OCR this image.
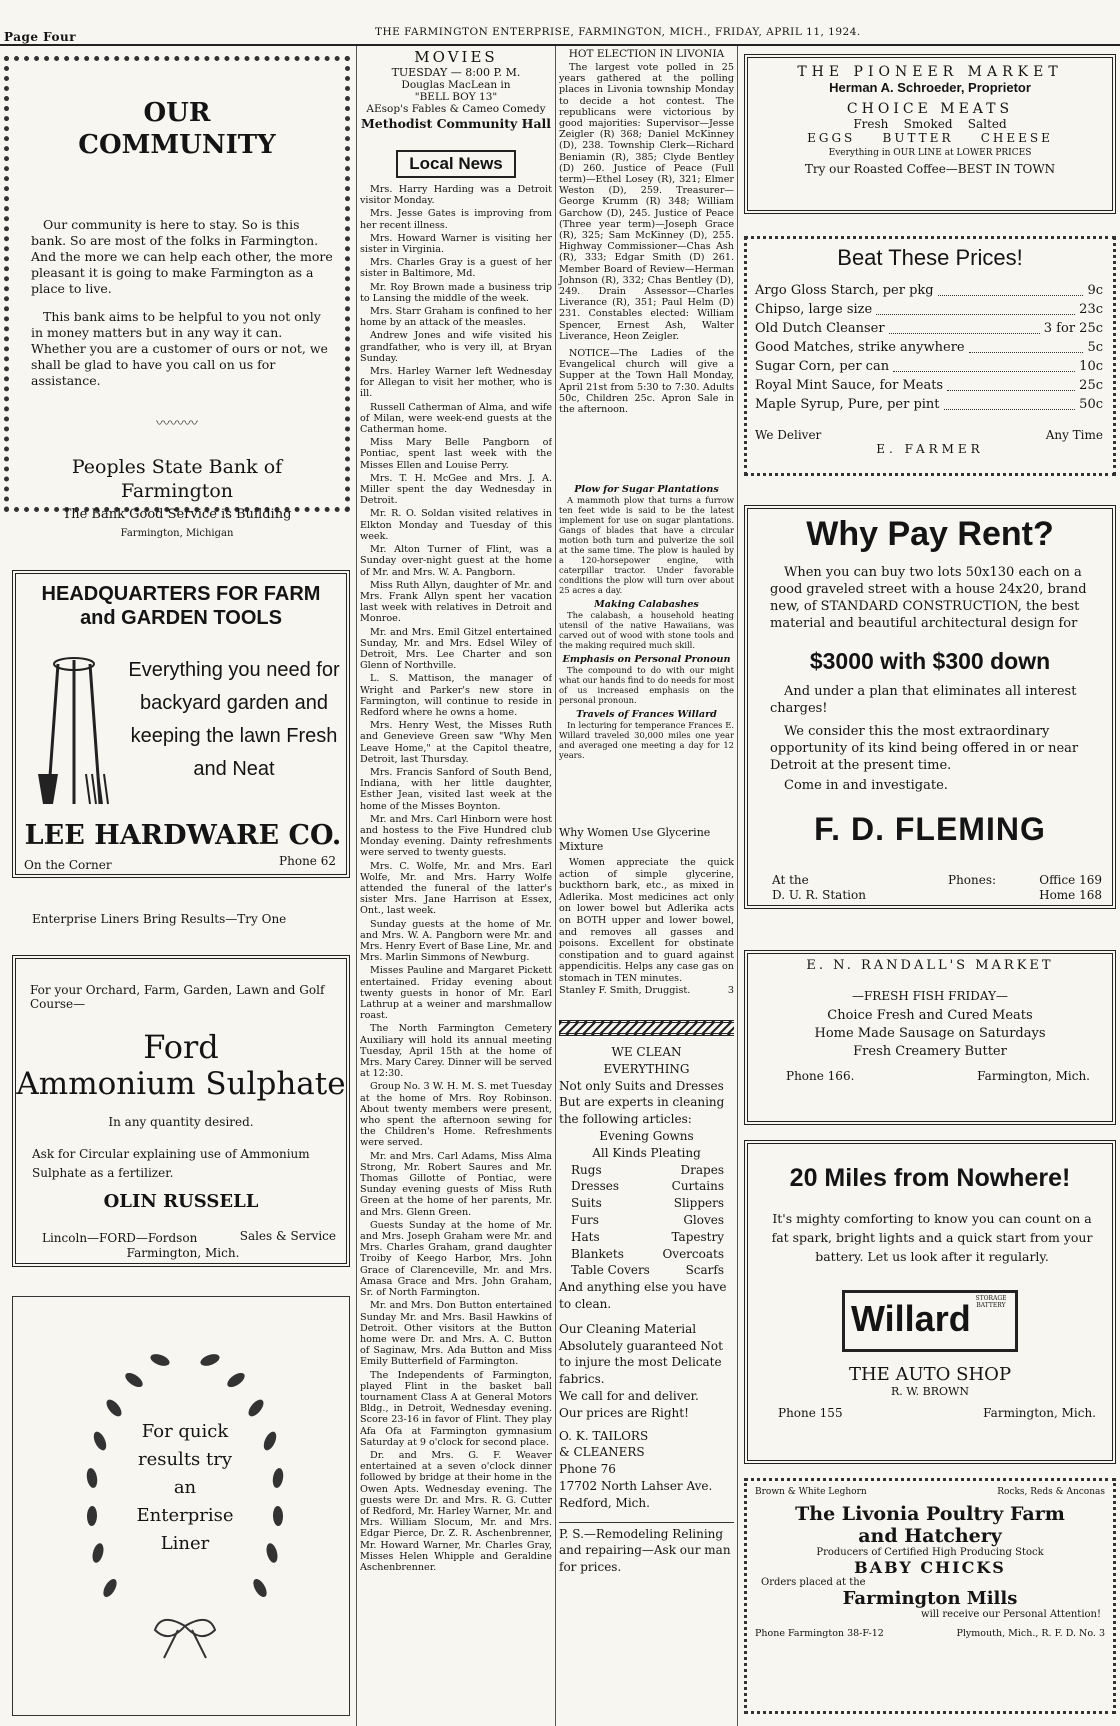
Page Four	THE FARMINGTON ENTERPRISE, FARMINGTON, MICH., FRIDAY, APRIL 11, 1924.
OUR COMMUNITY

Our community is here to stay. So is this bank. So are most of the folks in Farmington. And the more we can help each other, the more pleasant it is going to make Farmington as a place to live.

This bank aims to be helpful to you not only in money matters but in any way it can. Whether you are a customer of ours or not, we shall be glad to have you call on us for assistance.

〰〰〰
Peoples State Bank of Farmington
The Bank Good Service is Building
Farmington, Michigan
HEADQUARTERS FOR FARM and GARDEN TOOLS
Everything you need for backyard garden and keeping the lawn Fresh and Neat
LEE HARDWARE CO.
On the Corner	Phone 62
Enterprise Liners Bring Results—Try One
For your Orchard, Farm, Garden, Lawn and Golf Course—
Ford
Ammonium Sulphate
In any quantity desired.
Ask for Circular explaining use of Ammonium Sulphate as a fertilizer.
OLIN RUSSELL
Lincoln—FORD—Fordson	Sales & Service
Farmington, Mich.
For quick
results try
an
Enterprise
Liner
MOVIES
TUESDAY — 8:00 P. M.
Douglas MacLean in
"BELL BOY 13"
AEsop's Fables & Cameo Comedy
Methodist Community Hall
Local News

Mrs. Harry Harding was a Detroit visitor Monday.

Mrs. Jesse Gates is improving from her recent illness.

Mrs. Howard Warner is visiting her sister in Virginia.

Mrs. Charles Gray is a guest of her sister in Baltimore, Md.

Mr. Roy Brown made a business trip to Lansing the middle of the week.

Mrs. Starr Graham is confined to her home by an attack of the measles.

Andrew Jones and wife visited his grandfather, who is very ill, at Bryan Sunday.

Mrs. Harley Warner left Wednesday for Allegan to visit her mother, who is ill.

Russell Catherman of Alma, and wife of Milan, were week-end guests at the Catherman home.

Miss Mary Belle Pangborn of Pontiac, spent last week with the Misses Ellen and Louise Perry.

Mrs. T. H. McGee and Mrs. J. A. Miller spent the day Wednesday in Detroit.

Mr. R. O. Soldan visited relatives in Elkton Monday and Tuesday of this week.

Mr. Alton Turner of Flint, was a Sunday over-night guest at the home of Mr. and Mrs. W. A. Pangborn.

Miss Ruth Allyn, daughter of Mr. and Mrs. Frank Allyn spent her vacation last week with relatives in Detroit and Monroe.

Mr. and Mrs. Emil Gitzel entertained Sunday, Mr. and Mrs. Edsel Wiley of Detroit, Mrs. Lee Charter and son Glenn of Northville.

L. S. Mattison, the manager of Wright and Parker's new store in Farmington, will continue to reside in Redford where he owns a home.

Mrs. Henry West, the Misses Ruth and Genevieve Green saw "Why Men Leave Home," at the Capitol theatre, Detroit, last Thursday.

Mrs. Francis Sanford of South Bend, Indiana, with her little daughter, Esther Jean, visited last week at the home of the Misses Boynton.

Mr. and Mrs. Carl Hinborn were host and hostess to the Five Hundred club Monday evening. Dainty refreshments were served to twenty guests.

Mrs. C. Wolfe, Mr. and Mrs. Earl Wolfe, Mr. and Mrs. Harry Wolfe attended the funeral of the latter's sister Mrs. Jane Harrison at Essex, Ont., last week.

Sunday guests at the home of Mr. and Mrs. W. A. Pangborn were Mr. and Mrs. Henry Evert of Base Line, Mr. and Mrs. Marlin Simmons of Newburg.

Misses Pauline and Margaret Pickett entertained. Friday evening about twenty guests in honor of Mr. Earl Lathrup at a weiner and marshmallow roast.

The North Farmington Cemetery Auxiliary will hold its annual meeting Tuesday, April 15th at the home of Mrs. Mary Carey. Dinner will be served at 12:30.

Group No. 3 W. H. M. S. met Tuesday at the home of Mrs. Roy Robinson. About twenty members were present, who spent the afternoon sewing for the Children's Home. Refreshments were served.

Mr. and Mrs. Carl Adams, Miss Alma Strong, Mr. Robert Saures and Mr. Thomas Gillotte of Pontiac, were Sunday evening guests of Miss Ruth Green at the home of her parents, Mr. and Mrs. Glenn Green.

Guests Sunday at the home of Mr. and Mrs. Joseph Graham were Mr. and Mrs. Charles Graham, grand daughter Troiby of Keego Harbor, Mrs. John Grace of Clarenceville, Mr. and Mrs. Amasa Grace and Mrs. John Graham, Sr. of North Farmington.

Mr. and Mrs. Don Button entertained Sunday Mr. and Mrs. Basil Hawkins of Detroit. Other visitors at the Button home were Dr. and Mrs. A. C. Button of Saginaw, Mrs. Ada Button and Miss Emily Butterfield of Farmington.

The Independents of Farmington, played Flint in the basket ball tournament Class A at General Motors Bldg., in Detroit, Wednesday evening. Score 23-16 in favor of Flint. They play Afa Ofa at Farmington gymnasium Saturday at 9 o'clock for second place.

Dr. and Mrs. G. F. Weaver entertained at a seven o'clock dinner followed by bridge at their home in the Owen Apts. Wednesday evening. The guests were Dr. and Mrs. R. G. Cutter of Redford, Mr. Harley Warner, Mr. and Mrs. William Slocum, Mr. and Mrs. Edgar Pierce, Dr. Z. R. Aschenbrenner, Mr. Howard Warner, Mr. Charles Gray, Misses Helen Whipple and Geraldine Aschenbrenner.

HOT ELECTION IN LIVONIA

The largest vote polled in 25 years gathered at the polling places in Livonia township Monday to decide a hot contest. The republicans were victorious by good majorities: Supervisor—Jesse Zeigler (R) 368; Daniel McKinney (D), 238. Township Clerk—Richard Beniamin (R), 385; Clyde Bentley (D) 260. Justice of Peace (Full term)—Ethel Losey (R), 321; Elmer Weston (D), 259. Treasurer—George Krumm (R) 348; William Garchow (D), 245. Justice of Peace (Three year term)—Joseph Grace (R), 325; Sam McKinney (D), 255. Highway Commissioner—Chas Ash (R), 333; Edgar Smith (D) 261. Member Board of Review—Herman Johnson (R), 332; Chas Bentley (D), 249. Drain Assessor—Charles Liverance (R), 351; Paul Helm (D) 231. Constables elected: William Spencer, Ernest Ash, Walter Liverance, Heon Zeigler.

NOTICE—The Ladies of the Evangelical church will give a Supper at the Town Hall Monday, April 21st from 5:30 to 7:30. Adults 50c, Children 25c. Apron Sale in the afternoon.

Plow for Sugar Plantations

A mammoth plow that turns a furrow ten feet wide is said to be the latest implement for use on sugar plantations. Gangs of blades that have a circular motion both turn and pulverize the soil at the same time. The plow is hauled by a 120-horsepower engine, with caterpillar tractor. Under favorable conditions the plow will turn over about 25 acres a day.

Making Calabashes

The calabash, a household heating utensil of the native Hawaiians, was carved out of wood with stone tools and the making required much skill.

Emphasis on Personal Pronoun

The compound to do with our might what our hands find to do needs for most of us increased emphasis on the personal pronoun.

Travels of Frances Willard

In lecturing for temperance Frances E. Willard traveled 30,000 miles one year and averaged one meeting a day for 12 years.

Why Women Use Glycerine Mixture

Women appreciate the quick action of simple glycerine, buckthorn bark, etc., as mixed in Adlerika. Most medicines act only on lower bowel but Adlerika acts on BOTH upper and lower bowel, and removes all gasses and poisons. Excellent for obstinate constipation and to guard against appendicitis. Helps any case gas on stomach in TEN minutes.

Stanley F. Smith, Druggist.	3
WE CLEAN
EVERYTHING
Not only Suits and Dresses But are experts in cleaning the following articles:
Evening Gowns
All Kinds Pleating
Rugs	Drapes
Dresses	Curtains
Suits	Slippers
Furs	Gloves
Hats	Tapestry
Blankets	Overcoats
Table Covers	Scarfs
And anything else you have to clean.
Our Cleaning Material Absolutely guaranteed Not to injure the most Delicate fabrics.
We call for and deliver.
Our prices are Right!
O. K. TAILORS
& CLEANERS
Phone 76
17702 North Lahser Ave.
Redford, Mich.
P. S.—Remodeling Relining and repairing—Ask our man for prices.
THE PIONEER MARKET
Herman A. Schroeder, Proprietor
CHOICE MEATS
Fresh    Smoked    Salted
EGGS    BUTTER    CHEESE
Everything in OUR LINE at LOWER PRICES
Try our Roasted Coffee—BEST IN TOWN
Beat These Prices!
Argo Gloss Starch, per pkg	9c
Chipso, large size	23c
Old Dutch Cleanser	3 for 25c
Good Matches, strike anywhere	5c
Sugar Corn, per can	10c
Royal Mint Sauce, for Meats	25c
Maple Syrup, Pure, per pint	50c
We Deliver	Any Time
E. FARMER
Why Pay Rent?

When you can buy two lots 50x130 each on a good graveled street with a house 24x20, brand new, of STANDARD CONSTRUCTION, the best material and beautiful architectural design for

$3000 with $300 down

And under a plan that eliminates all interest charges!

We consider this the most extraordinary opportunity of its kind being offered in or near Detroit at the present time.

Come in and investigate.

F. D. FLEMING
At the
D. U. R. Station
Phones:	Office 169
Home 168
E. N. RANDALL'S MARKET
—FRESH FISH FRIDAY—
Choice Fresh and Cured Meats
Home Made Sausage on Saturdays
Fresh Creamery Butter
Phone 166.	Farmington, Mich.
20 Miles from Nowhere!

It's mighty comforting to know you can count on a fat spark, bright lights and a quick start from your battery. Let us look after it regularly.

Willard STORAGE BATTERY
THE AUTO SHOP
R. W. BROWN
Phone 155	Farmington, Mich.
Brown & White Leghorn	Rocks, Reds & Anconas
The Livonia Poultry Farm
and Hatchery
Producers of Certified High Producing Stock
BABY CHICKS
Orders placed at the
Farmington Mills
will receive our Personal Attention!
Phone Farmington 38-F-12	Plymouth, Mich., R. F. D. No. 3
